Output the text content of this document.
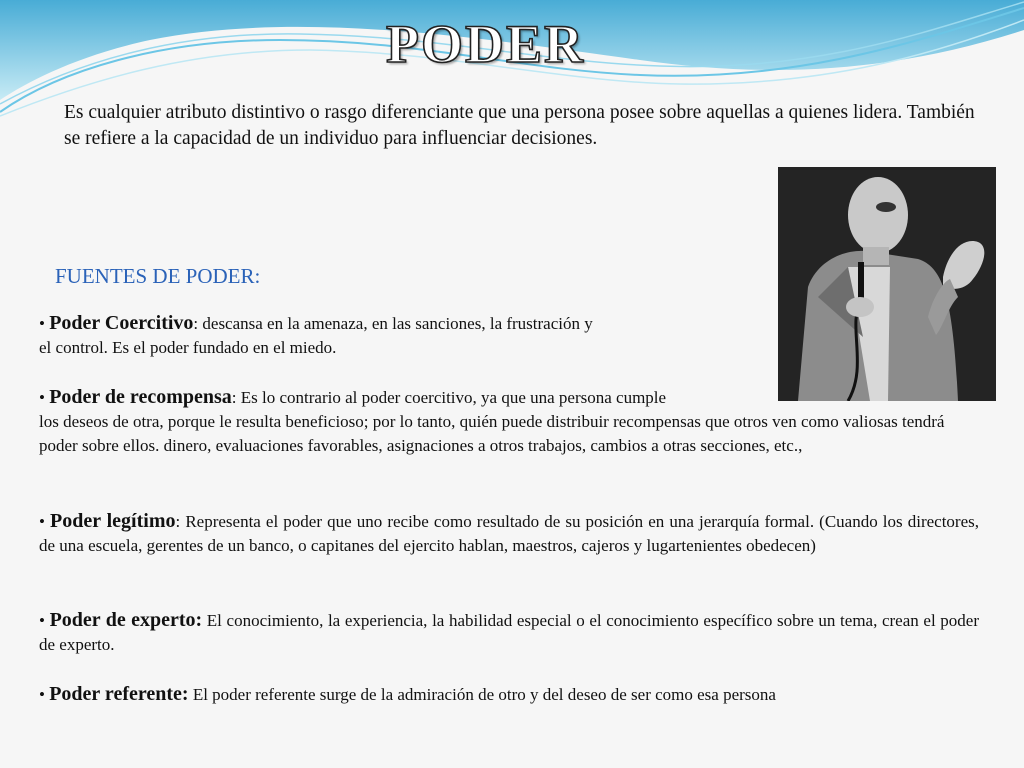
PODER

Es cualquier atributo distintivo o rasgo diferenciante que una persona posee sobre aquellas a quienes lidera. También se refiere a la capacidad de un individuo para influenciar decisiones.

FUENTES DE PODER:

• Poder Coercitivo: descansa en la amenaza, en las sanciones, la frustración y
el control. Es el poder fundado en el miedo.

• Poder de recompensa: Es lo contrario al poder coercitivo, ya que una persona cumple
los deseos de otra, porque le resulta beneficioso; por lo tanto, quién puede distribuir recompensas que otros ven como valiosas tendrá poder sobre ellos. dinero, evaluaciones favorables, asignaciones a otros trabajos, cambios a otras secciones, etc.,

• Poder legítimo: Representa el poder que uno recibe como resultado de su posición en una jerarquía formal. (Cuando los directores, de una escuela, gerentes de un banco, o capitanes del ejercito hablan, maestros, cajeros y lugartenientes obedecen)

• Poder de experto: El conocimiento, la experiencia, la habilidad especial o el conocimiento específico sobre un tema, crean el poder de experto.

• Poder referente: El poder referente surge de la admiración de otro y del deseo de ser como esa persona
